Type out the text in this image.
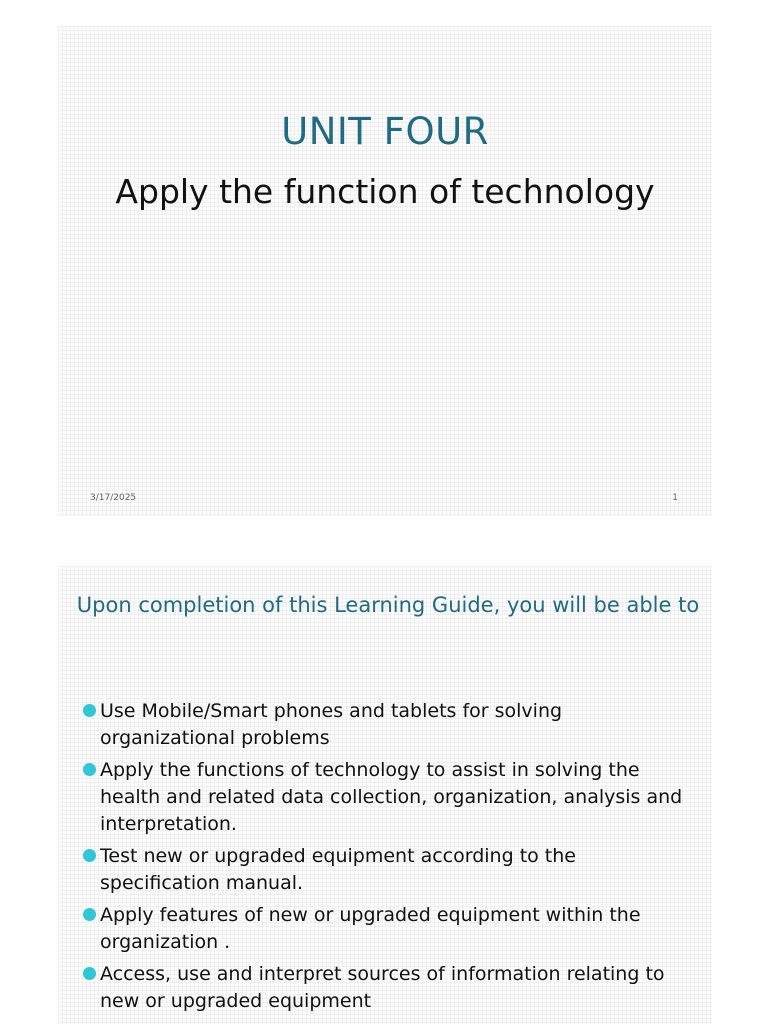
UNIT FOUR
Apply the function of technology
3/17/2025	1
Upon completion of this Learning Guide, you will be able to
Use Mobile/Smart phones and tablets for solving organizational problems
Apply the functions of technology to assist in solving the health and related data collection, organization, analysis and interpretation.
Test new or upgraded equipment according to the specification manual.
Apply features of new or upgraded equipment within the organization .
Access, use and interpret sources of information relating to new or upgraded equipment
